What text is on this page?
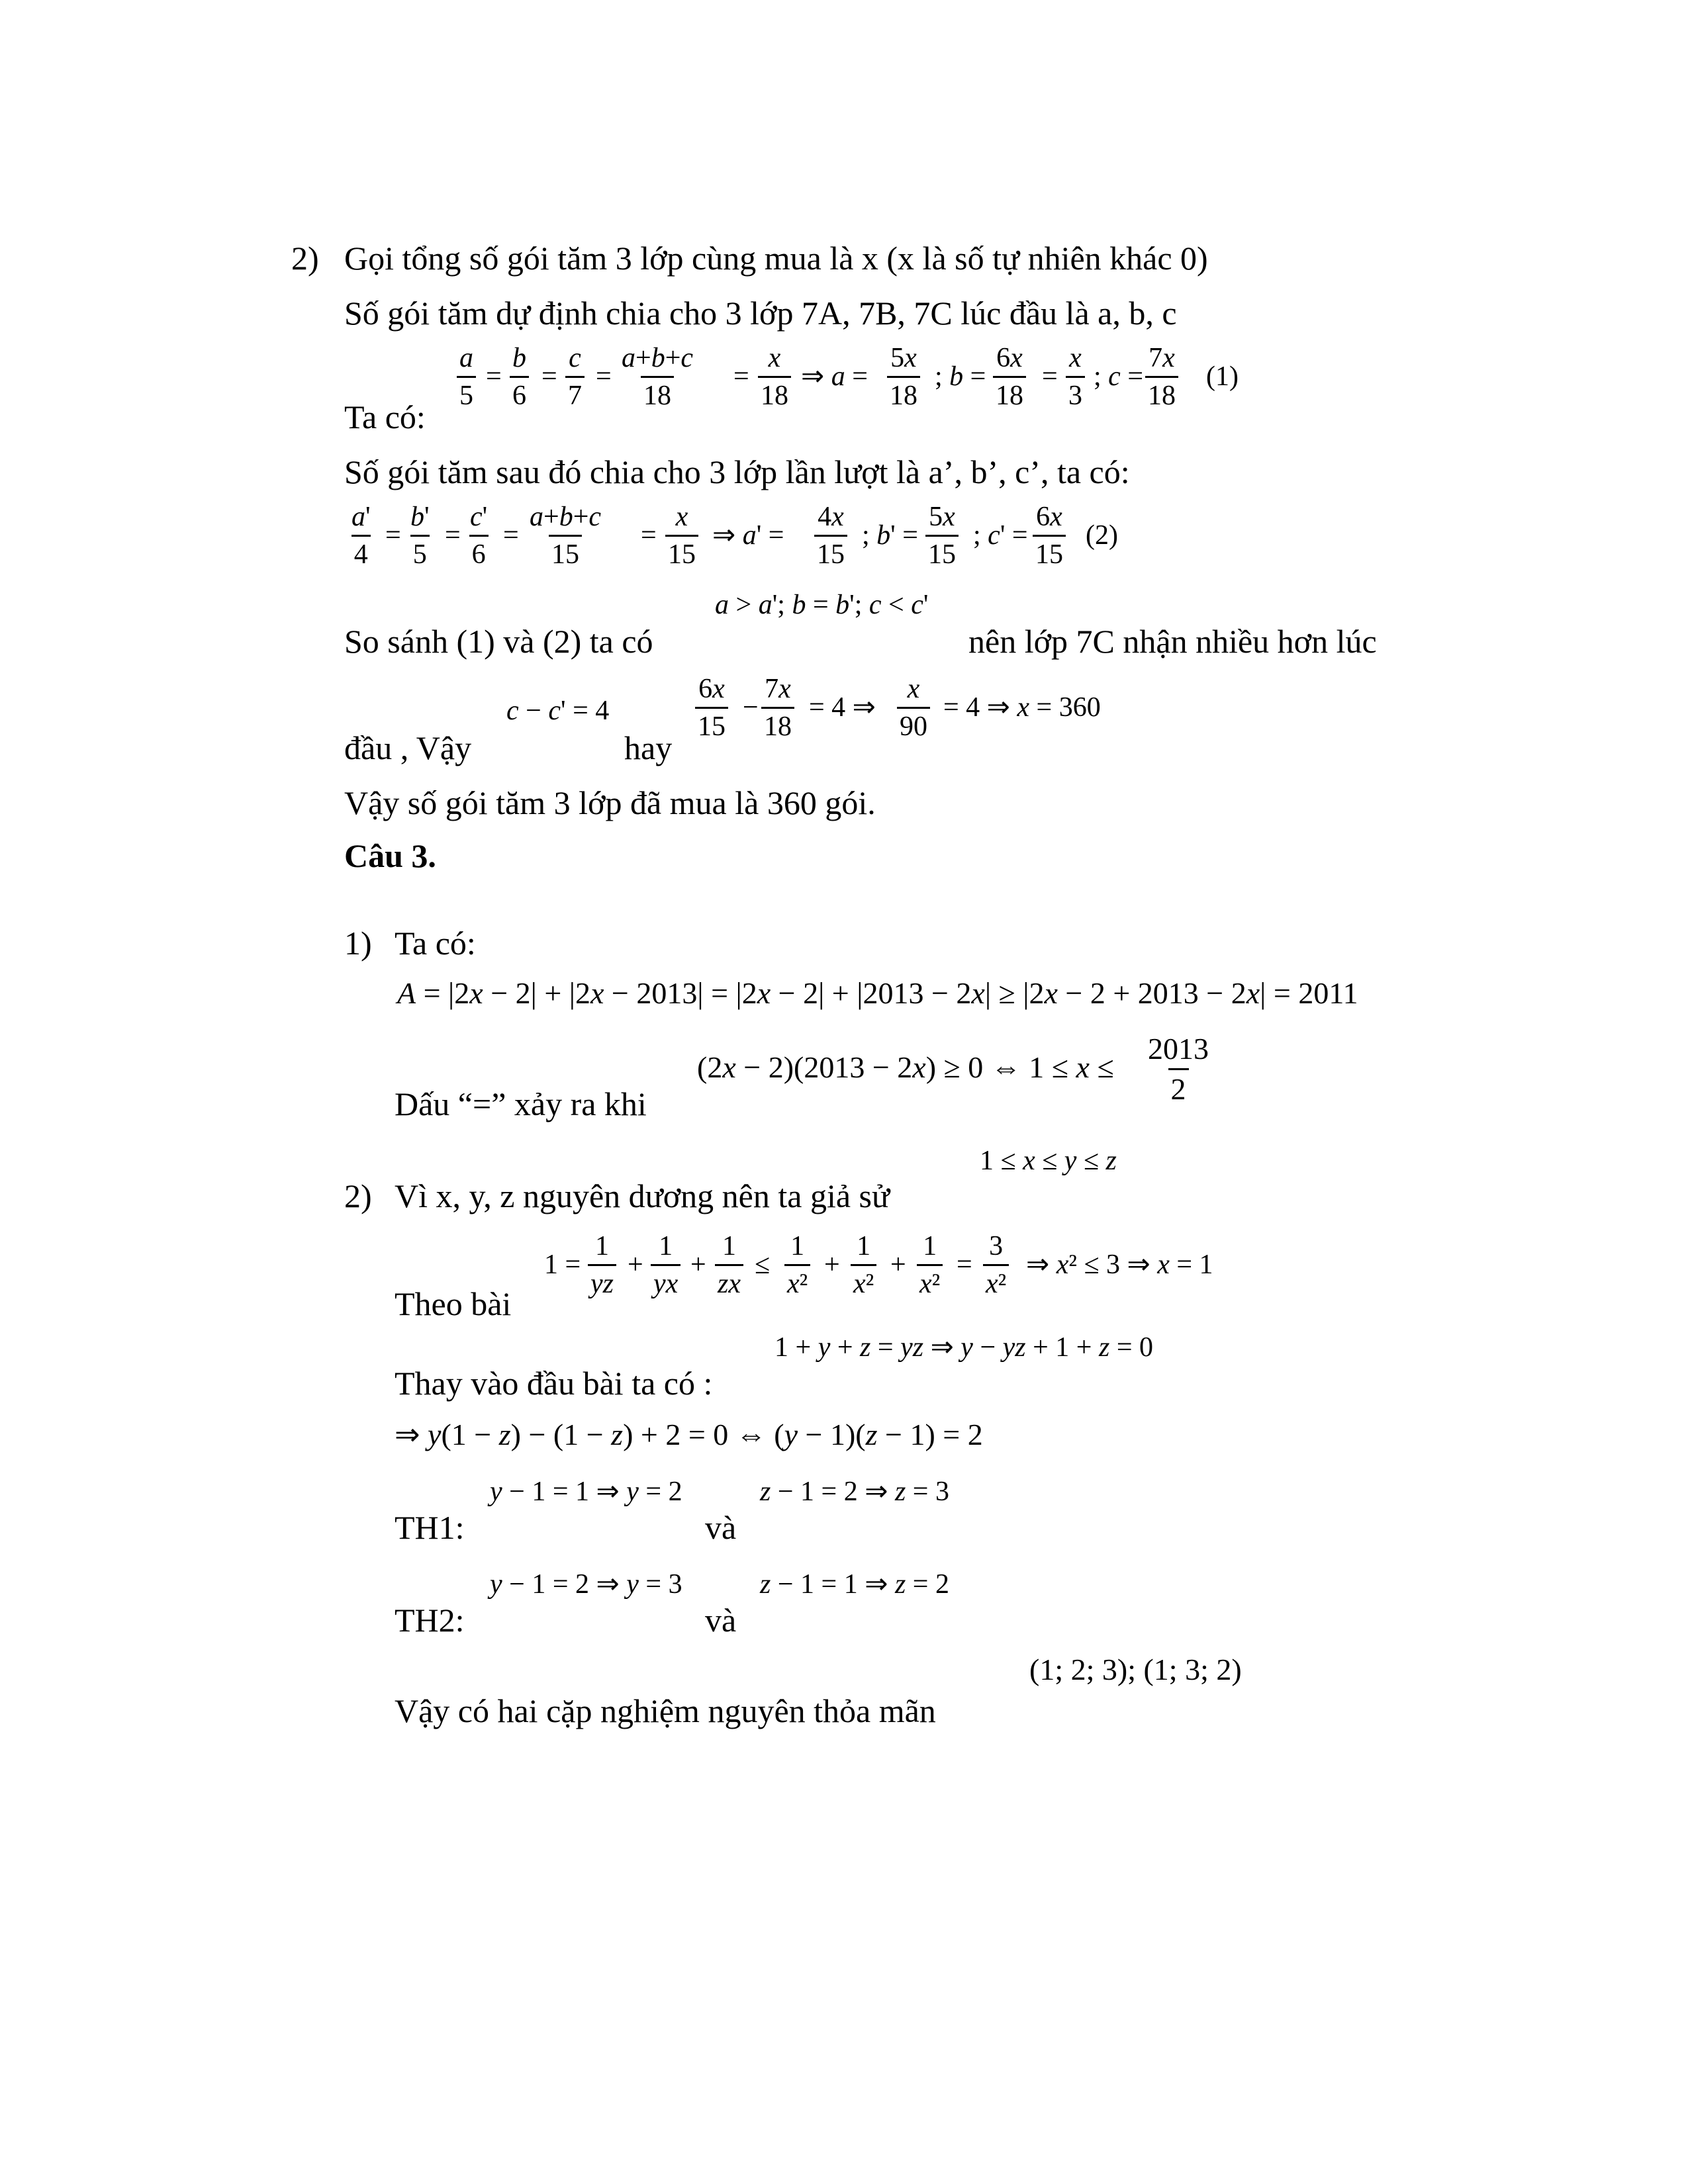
2) Gọi tổng số gói tăm 3 lớp cùng mua là x (x là số tự nhiên khác 0)
Số gói tăm dự định chia cho 3 lớp 7A, 7B, 7C lúc đầu là a, b, c
$\frac{a}{5} = \frac{b}{6} = \frac{c}{7} = \frac{a+b+c}{18} = \frac{x}{18}$ ⇒ $a = \frac{5x}{18}$ ; $b = \frac{6x}{18} = \frac{x}{3}$ ; $c = \frac{7x}{18} (1)$
Ta có:
Số gói tăm sau đó chia cho 3 lớp lần lượt là a’, b’, c’, ta có:
$\frac{a'}{4} = \frac{b'}{5} = \frac{c'}{6} = \frac{a+b+c}{15} = \frac{x}{15}$ ⇒ $a' = \frac{4x}{15}$ ; $b' = \frac{5x}{15}$ ; $c' = \frac{6x}{15} (2)$
a > a'; b = b'; c < c'
So sánh (1) và (2) ta có	nên lớp 7C nhận nhiều hơn lúc
c − c' = 4	$\frac{6x}{15} - \frac{7x}{18} = 4$ ⇒ $\frac{x}{90} = 4$ ⇒ x = 360
đầu , Vậy	hay
Vậy số gói tăm 3 lớp đã mua là 360 gói.
Câu 3.
1) Ta có:
A = |2x − 2| + |2x − 2013| = |2x − 2| + |2013 − 2x| ≥ |2x − 2 + 2013 − 2x| = 2011
(2x − 2)(2013 − 2x) ≥ 0 ⇔ $1 \le x \le \frac{2013}{2}$
Dấu “=” xảy ra khi
1 ≤ x ≤ y ≤ z
2) Vì x, y, z nguyên dương nên ta giả sử
$1 = \frac{1}{yz} + \frac{1}{yx} + \frac{1}{zx} \le \frac{1}{\text{x²}} + \frac{1}{\text{x²}} + \frac{1}{\text{x²}} = \frac{3}{\text{x²}}$ ⇒ x² ≤ 3 ⇒ x = 1
Theo bài
1 + y + z = yz ⇒ y − yz + 1 + z = 0
Thay vào đầu bài ta có :
⇒ y(1 − z) − (1 − z) + 2 = 0 ⇔ (y − 1)(z − 1) = 2
y − 1 = 1 ⇒ y = 2	z − 1 = 2 ⇒ z = 3
TH1:	và
y − 1 = 2 ⇒ y = 3	z − 1 = 1 ⇒ z = 2
TH2:	và
(1; 2; 3); (1; 3; 2)
Vậy có hai cặp nghiệm nguyên thỏa mãn
